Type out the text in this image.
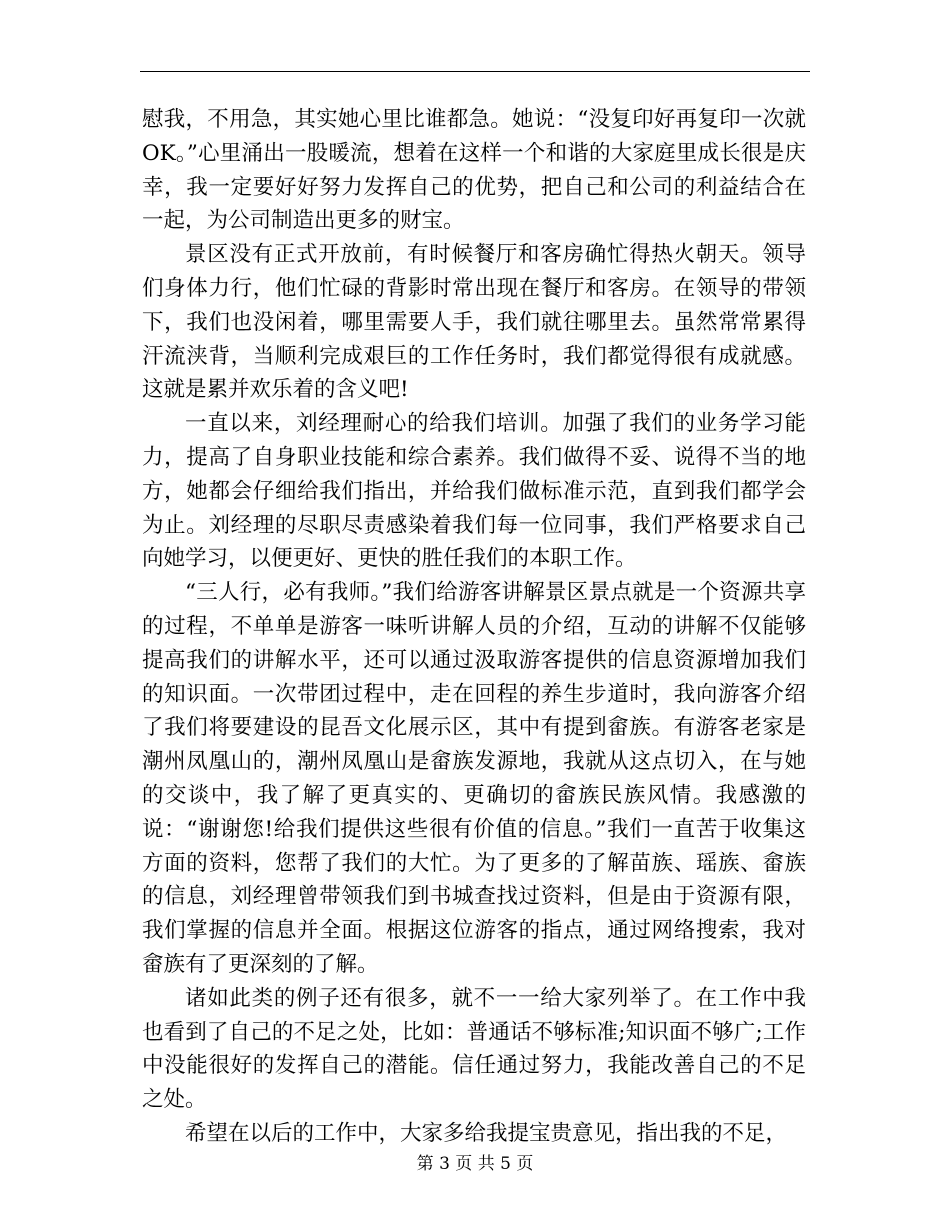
慰我，不用急，其实她心里比谁都急。她说：“没复印好再复印一次就OK。”心里涌出一股暖流，想着在这样一个和谐的大家庭里成长很是庆幸，我一定要好好努力发挥自己的优势，把自己和公司的利益结合在一起，为公司制造出更多的财宝。

景区没有正式开放前，有时候餐厅和客房确忙得热火朝天。领导们身体力行，他们忙碌的背影时常出现在餐厅和客房。在领导的带领下，我们也没闲着，哪里需要人手，我们就往哪里去。虽然常常累得汗流浃背，当顺利完成艰巨的工作任务时，我们都觉得很有成就感。这就是累并欢乐着的含义吧!

一直以来，刘经理耐心的给我们培训。加强了我们的业务学习能力，提高了自身职业技能和综合素养。我们做得不妥、说得不当的地方，她都会仔细给我们指出，并给我们做标准示范，直到我们都学会为止。刘经理的尽职尽责感染着我们每一位同事，我们严格要求自己向她学习，以便更好、更快的胜任我们的本职工作。

“三人行，必有我师。”我们给游客讲解景区景点就是一个资源共享的过程，不单单是游客一味听讲解人员的介绍，互动的讲解不仅能够提高我们的讲解水平，还可以通过汲取游客提供的信息资源增加我们的知识面。一次带团过程中，走在回程的养生步道时，我向游客介绍了我们将要建设的昆吾文化展示区，其中有提到畲族。有游客老家是潮州凤凰山的，潮州凤凰山是畲族发源地，我就从这点切入，在与她的交谈中，我了解了更真实的、更确切的畲族民族风情。我感激的说：“谢谢您!给我们提供这些很有价值的信息。”我们一直苦于收集这方面的资料，您帮了我们的大忙。为了更多的了解苗族、瑶族、畲族的信息，刘经理曾带领我们到书城查找过资料，但是由于资源有限，我们掌握的信息并全面。根据这位游客的指点，通过网络搜索，我对畲族有了更深刻的了解。

诸如此类的例子还有很多，就不一一给大家列举了。在工作中我也看到了自己的不足之处，比如：普通话不够标准;知识面不够广;工作中没能很好的发挥自己的潜能。信任通过努力，我能改善自己的不足之处。

希望在以后的工作中，大家多给我提宝贵意见，指出我的不足，

第 3 页 共 5 页
